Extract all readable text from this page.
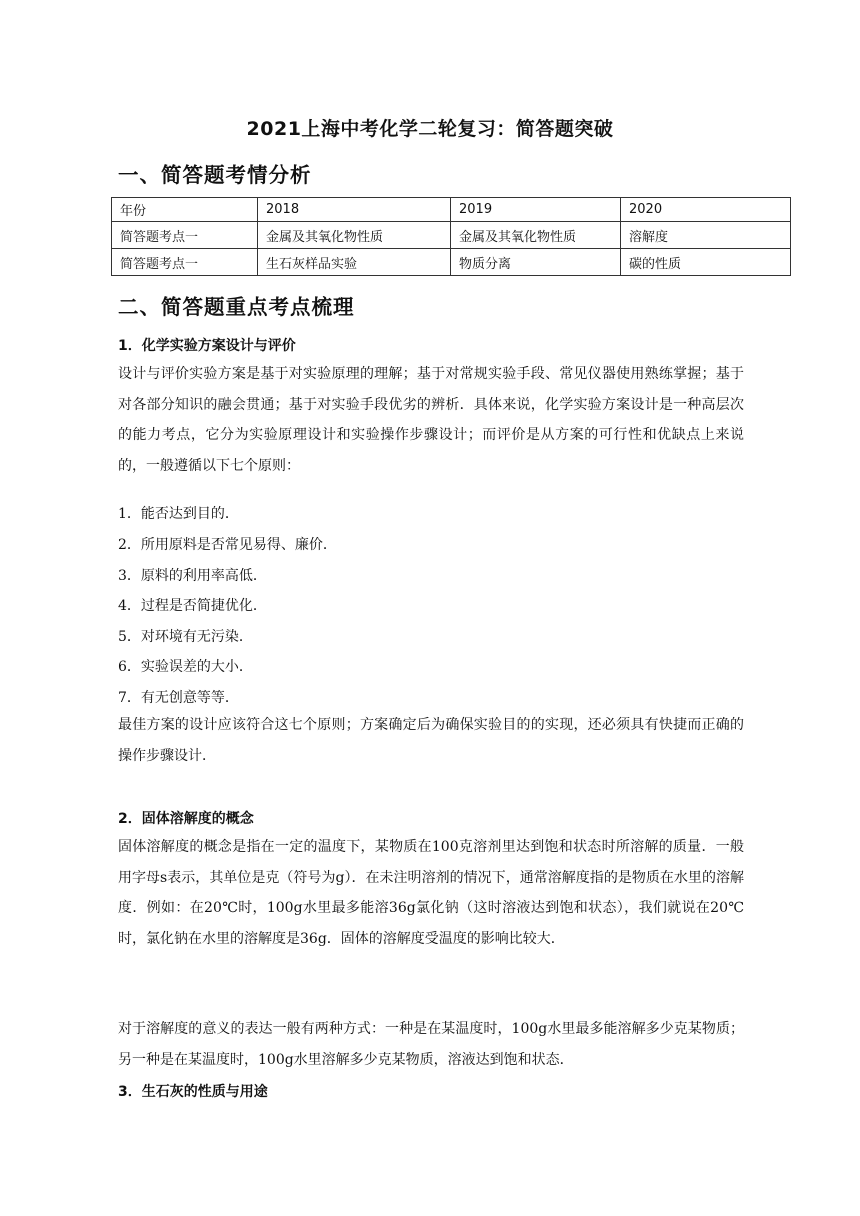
2021上海中考化学二轮复习：简答题突破
一、简答题考情分析
年份	2018	2019	2020
简答题考点一	金属及其氧化物性质	金属及其氧化物性质	溶解度
简答题考点一	生石灰样品实验	物质分离	碳的性质
二、简答题重点考点梳理
1．化学实验方案设计与评价
设计与评价实验方案是基于对实验原理的理解；基于对常规实验手段、常见仪器使用熟练掌握；基于对各部分知识的融会贯通；基于对实验手段优劣的辨析．具体来说，化学实验方案设计是一种高层次的能力考点，它分为实验原理设计和实验操作步骤设计；而评价是从方案的可行性和优缺点上来说的，一般遵循以下七个原则：
1．能否达到目的．
2．所用原料是否常见易得、廉价．
3．原料的利用率高低．
4．过程是否简捷优化．
5．对环境有无污染．
6．实验误差的大小．
7．有无创意等等．
最佳方案的设计应该符合这七个原则；方案确定后为确保实验目的的实现，还必须具有快捷而正确的操作步骤设计．
2．固体溶解度的概念
固体溶解度的概念是指在一定的温度下，某物质在100克溶剂里达到饱和状态时所溶解的质量．一般用字母s表示，其单位是克（符号为g）．在未注明溶剂的情况下，通常溶解度指的是物质在水里的溶解度．例如：在20℃时，100g水里最多能溶36g氯化钠（这时溶液达到饱和状态），我们就说在20℃时，氯化钠在水里的溶解度是36g．固体的溶解度受温度的影响比较大．
对于溶解度的意义的表达一般有两种方式：一种是在某温度时，100g水里最多能溶解多少克某物质；另一种是在某温度时，100g水里溶解多少克某物质，溶液达到饱和状态．
3．生石灰的性质与用途
